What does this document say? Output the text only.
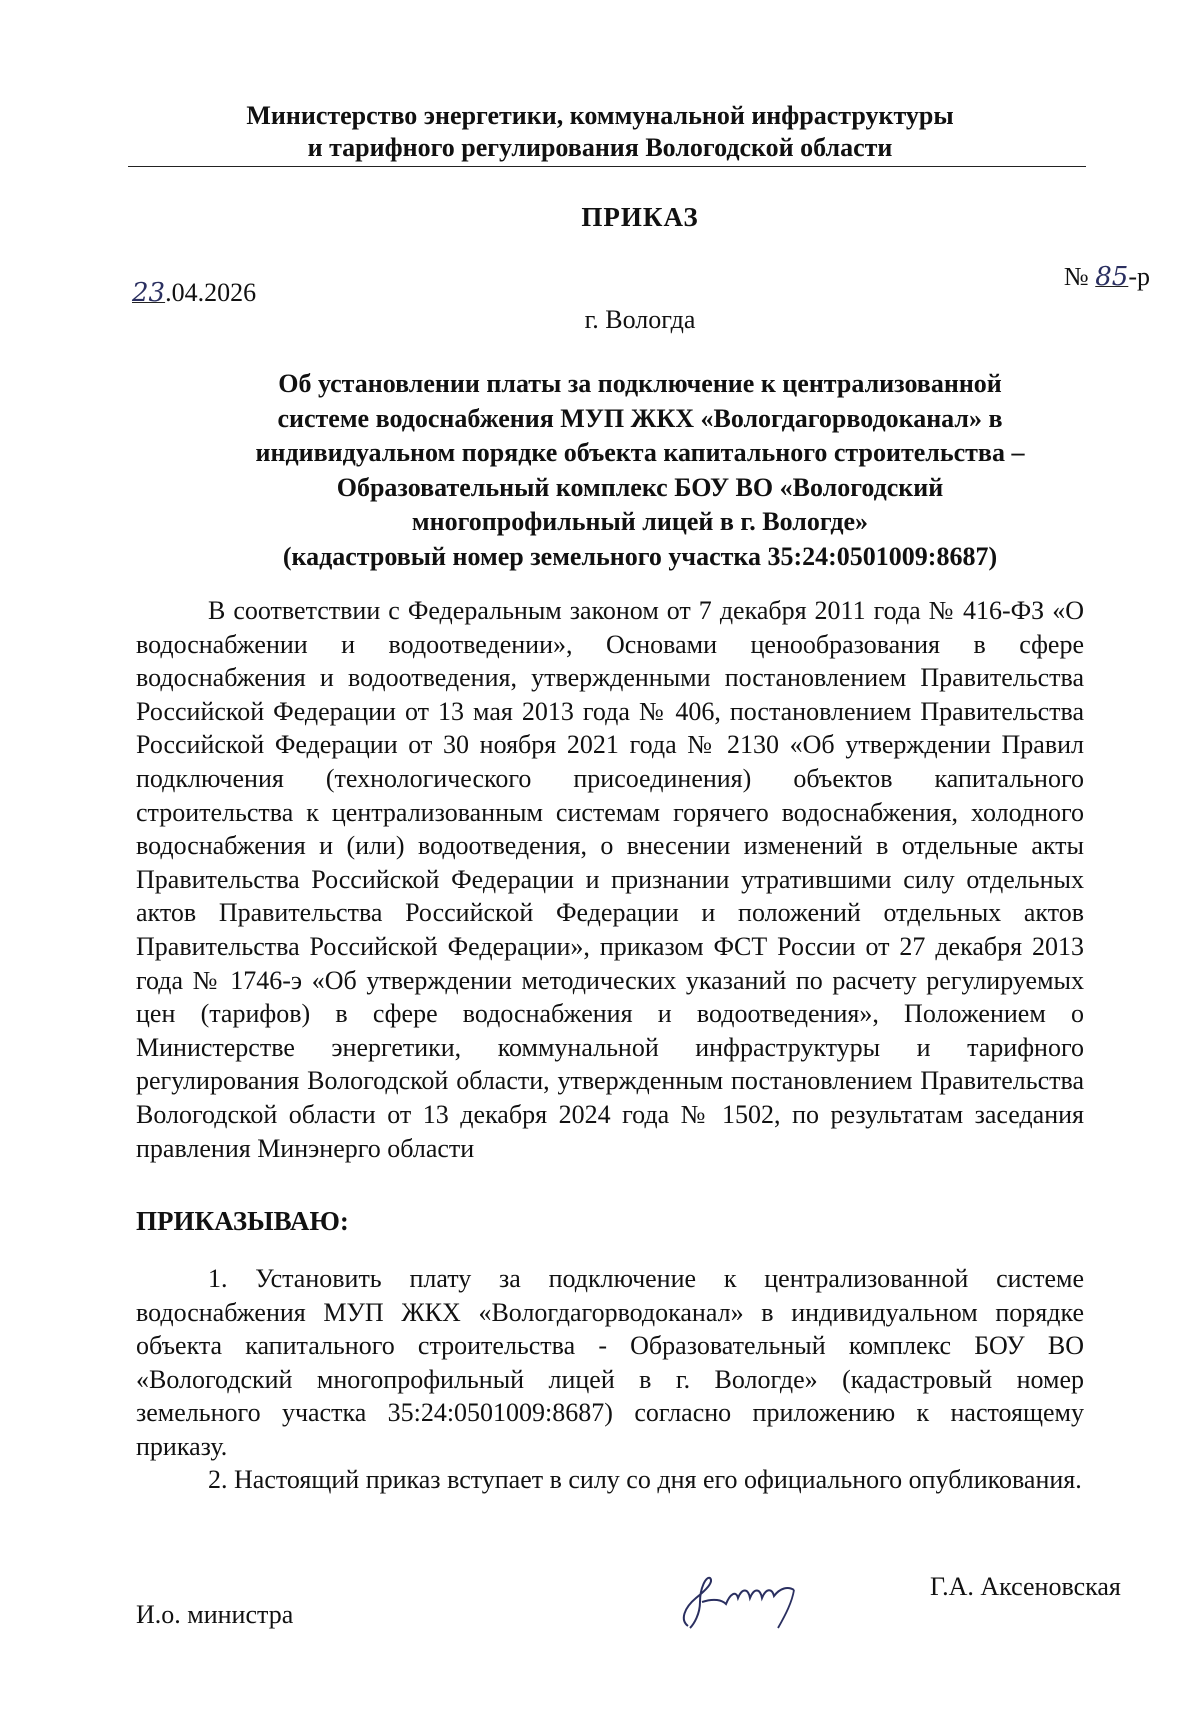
Министерство энергетики, коммунальной инфраструктуры
и тарифного регулирования Вологодской области
ПРИКАЗ
23.04.2026
№ 85-р
г. Вологда
Об установлении платы за подключение к централизованной
системе водоснабжения МУП ЖКХ «Вологдагорводоканал» в
индивидуальном порядке объекта капитального строительства –
Образовательный комплекс БОУ ВО «Вологодский
многопрофильный лицей в г. Вологде»
(кадастровый номер земельного участка 35:24:0501009:8687)

В соответствии с Федеральным законом от 7 декабря 2011 года № 416-ФЗ «О водоснабжении и водоотведении», Основами ценообразования в сфере водоснабжения и водоотведения, утвержденными постановлением Правительства Российской Федерации от 13 мая 2013 года № 406, постановлением Правительства Российской Федерации от 30 ноября 2021 года № 2130 «Об утверждении Правил подключения (технологического присоединения) объектов капитального строительства к централизованным системам горячего водоснабжения, холодного водоснабжения и (или) водоотведения, о внесении изменений в отдельные акты Правительства Российской Федерации и признании утратившими силу отдельных актов Правительства Российской Федерации и положений отдельных актов Правительства Российской Федерации», приказом ФСТ России от 27 декабря 2013 года № 1746-э «Об утверждении методических указаний по расчету регулируемых цен (тарифов) в сфере водоснабжения и водоотведения», Положением о Министерстве энергетики, коммунальной инфраструктуры и тарифного регулирования Вологодской области, утвержденным постановлением Правительства Вологодской области от 13 декабря 2024 года № 1502, по результатам заседания правления Минэнерго области

ПРИКАЗЫВАЮ:

1. Установить плату за подключение к централизованной системе водоснабжения МУП ЖКХ «Вологдагорводоканал» в индивидуальном порядке объекта капитального строительства - Образовательный комплекс БОУ ВО «Вологодский многопрофильный лицей в г. Вологде» (кадастровый номер земельного участка 35:24:0501009:8687) согласно приложению к настоящему приказу.

2. Настоящий приказ вступает в силу со дня его официального опубликования.

И.о. министра
Г.А. Аксеновская
